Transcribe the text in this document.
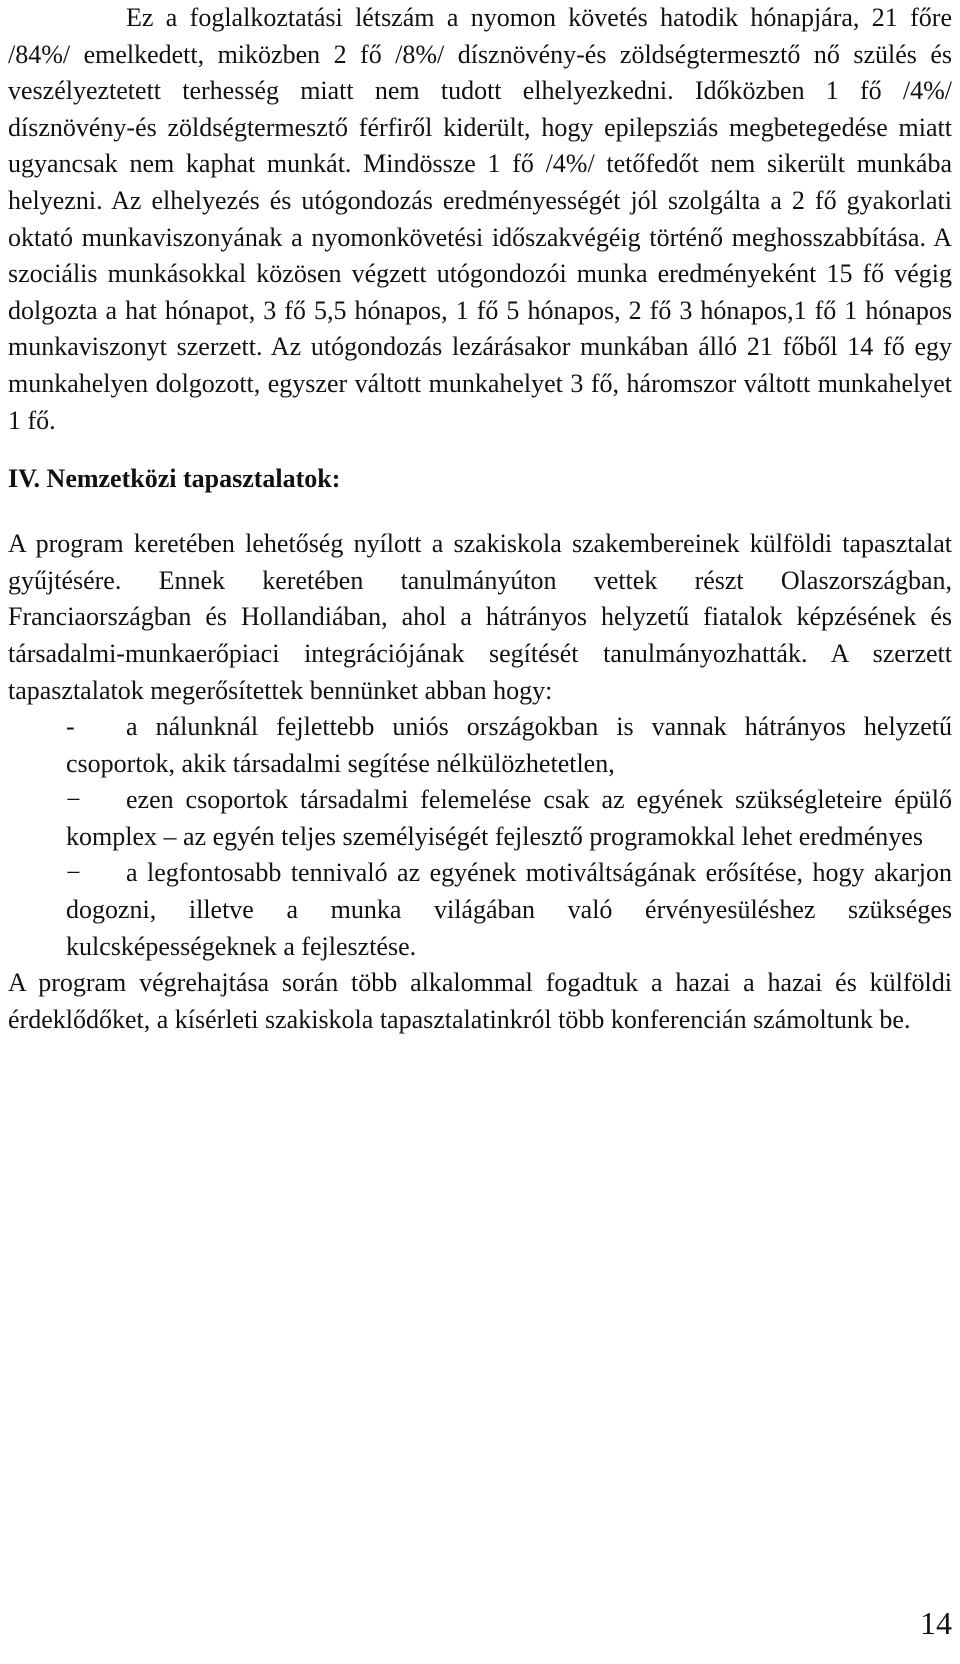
Ez a foglalkoztatási létszám a nyomon követés hatodik hónapjára, 21 főre /84%/ emelkedett, miközben 2 fő /8%/ dísznövény-és zöldségtermesztő nő szülés és veszélyeztetett terhesség miatt nem tudott elhelyezkedni. Időközben 1 fő /4%/ dísznövény-és zöldségtermesztő férfiről kiderült, hogy epilepsziás megbetegedése miatt ugyancsak nem kaphat munkát. Mindössze 1 fő /4%/ tetőfedőt nem sikerült munkába helyezni. Az elhelyezés és utógondozás eredményességét jól szolgálta a 2 fő gyakorlati oktató munkaviszonyának a nyomonkövetési időszakvégéig történő meghosszabbítása. A szociális munkásokkal közösen végzett utógondozói munka eredményeként 15 fő végig dolgozta a hat hónapot, 3 fő 5,5 hónapos, 1 fő 5 hónapos, 2 fő 3 hónapos,1 fő 1 hónapos munkaviszonyt szerzett. Az utógondozás lezárásakor munkában álló 21 főből 14 fő egy munkahelyen dolgozott, egyszer váltott munkahelyet 3 fő, háromszor váltott munkahelyet 1 fő.

IV. Nemzetközi tapasztalatok:

A program keretében lehetőség nyílott a szakiskola szakembereinek külföldi tapasztalat gyűjtésére. Ennek keretében tanulmányúton vettek részt Olaszországban, Franciaországban és Hollandiában, ahol a hátrányos helyzetű fiatalok képzésének és társadalmi-munkaerőpiaci integrációjának segítését tanulmányozhatták. A szerzett tapasztalatok megerősítettek bennünket abban hogy:

-	a nálunknál fejlettebb uniós országokban is vannak hátrányos helyzetű csoportok, akik társadalmi segítése nélkülözhetetlen,
−	ezen csoportok társadalmi felemelése csak az egyének szükségleteire épülő komplex – az egyén teljes személyiségét fejlesztő programokkal lehet eredményes
−	a legfontosabb tennivaló az egyének motiváltságának erősítése, hogy akarjon dogozni, illetve a munka világában való érvényesüléshez szükséges kulcsképességeknek a fejlesztése.

A program végrehajtása során több alkalommal fogadtuk a hazai a hazai és külföldi érdeklődőket, a kísérleti szakiskola tapasztalatinkról több konferencián számoltunk be.

14
